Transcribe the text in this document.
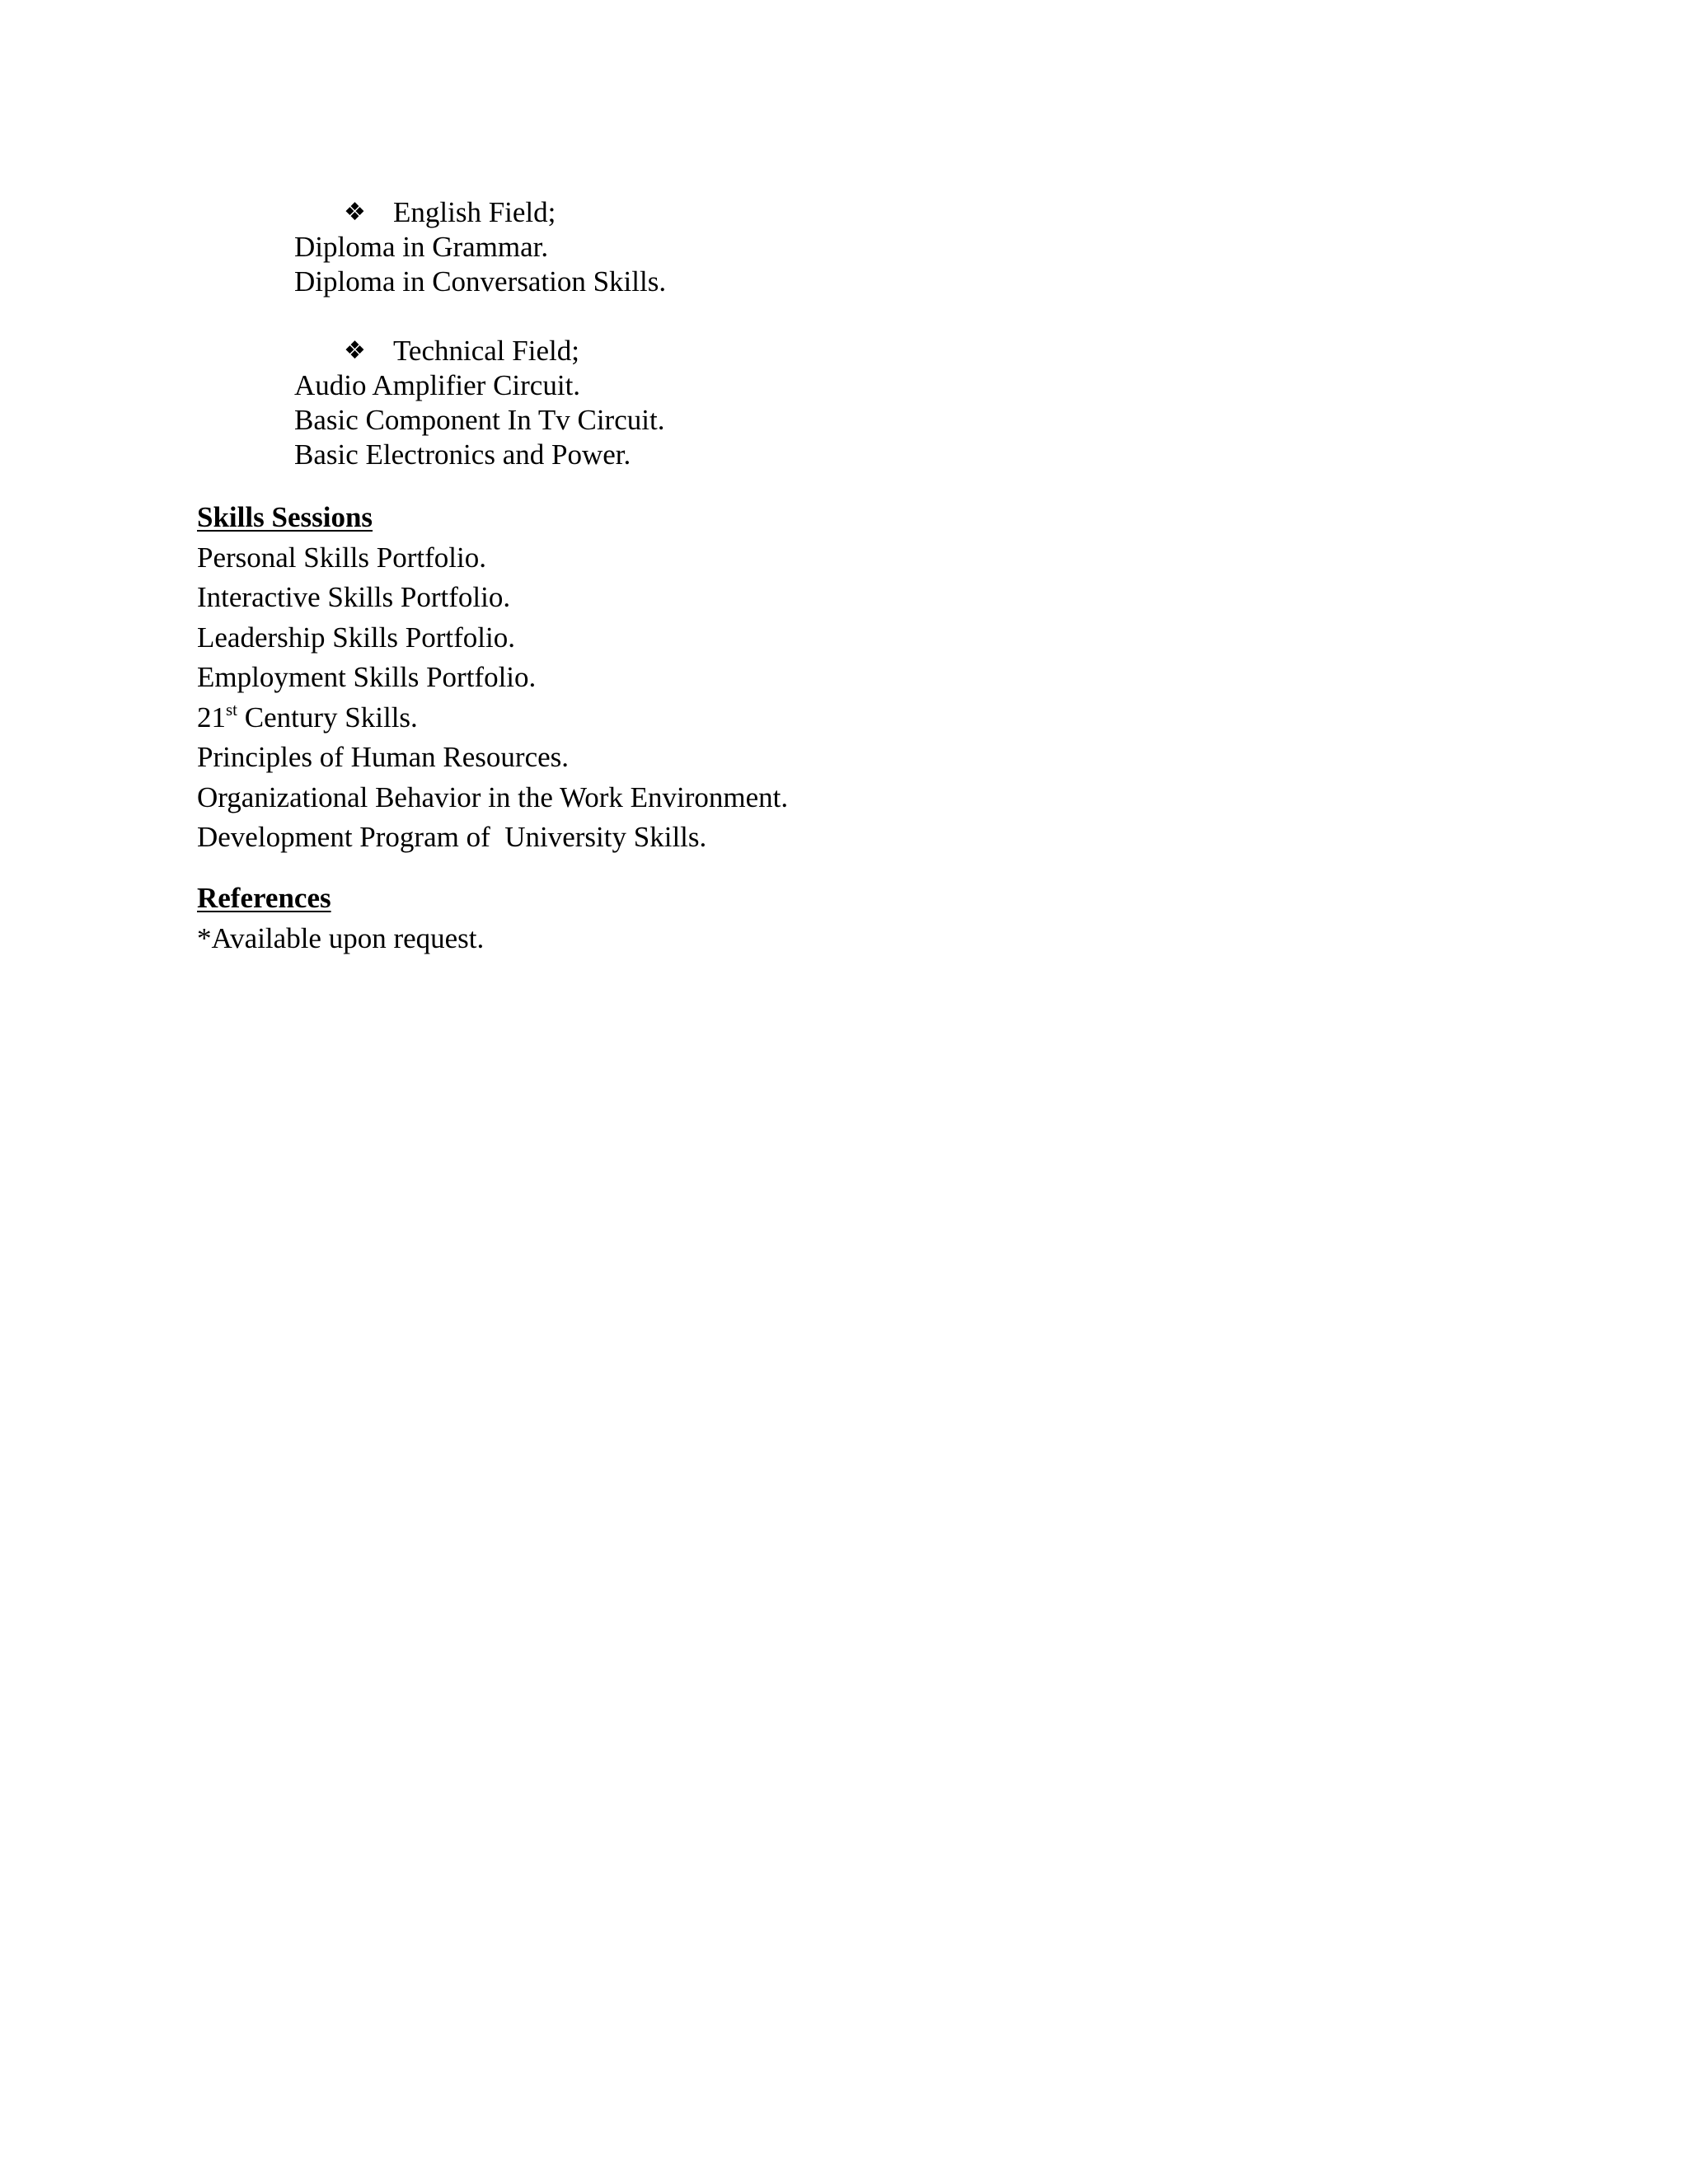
❖ English Field;
Diploma in Grammar.
Diploma in Conversation Skills.
❖ Technical Field;
Audio Amplifier Circuit.
Basic Component In Tv Circuit.
Basic Electronics and Power.
Skills Sessions
Personal Skills Portfolio.
Interactive Skills Portfolio.
Leadership Skills Portfolio.
Employment Skills Portfolio.
21st Century Skills.
Principles of Human Resources.
Organizational Behavior in the Work Environment.
Development Program of  University Skills.
References
*Available upon request.
